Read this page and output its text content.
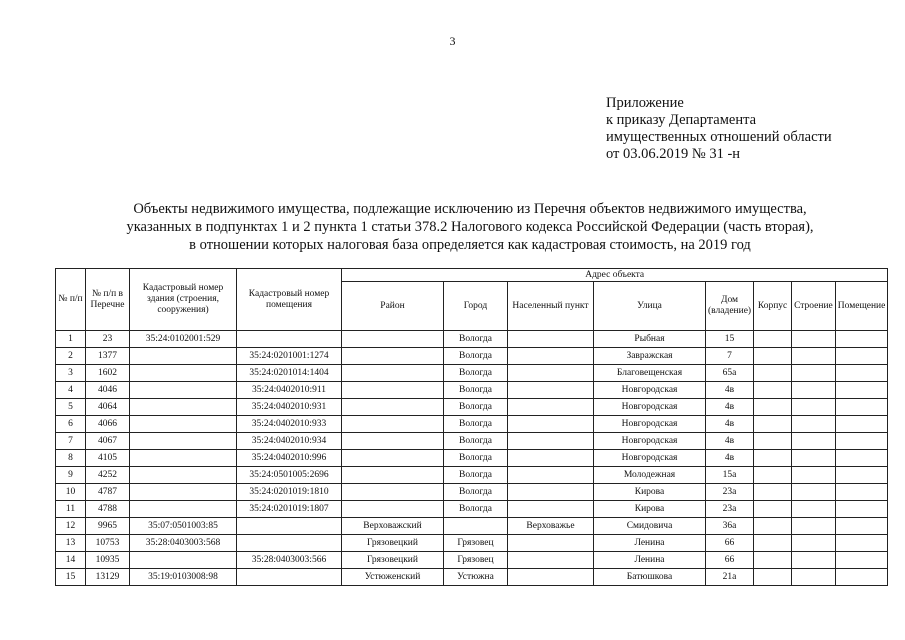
3
Приложение
к приказу Департамента
имущественных отношений области
от 03.06.2019 № 31 -н
Объекты недвижимого имущества, подлежащие исключению из Перечня объектов недвижимого имущества,
указанных в подпунктах 1 и 2 пункта 1 статьи 378.2 Налогового кодекса Российской Федерации (часть вторая),
в отношении которых налоговая база определяется как кадастровая стоимость, на 2019 год
№ п/п	№ п/п в Перечне	Кадастровый номер здания (строения, сооружения)	Кадастровый номер помещения	Адрес объекта							
				Район	Город	Населенный пункт	Улица	Дом (владение)	Корпус	Строение	Помещение
1	23	35:24:0102001:529			Вологда		Рыбная	15			
2	1377		35:24:0201001:1274		Вологда		Завражская	7			
3	1602		35:24:0201014:1404		Вологда		Благовещенская	65а			
4	4046		35:24:0402010:911		Вологда		Новгородская	4в			
5	4064		35:24:0402010:931		Вологда		Новгородская	4в			
6	4066		35:24:0402010:933		Вологда		Новгородская	4в			
7	4067		35:24:0402010:934		Вологда		Новгородская	4в			
8	4105		35:24:0402010:996		Вологда		Новгородская	4в			
9	4252		35:24:0501005:2696		Вологда		Молодежная	15а			
10	4787		35:24:0201019:1810		Вологда		Кирова	23а			
11	4788		35:24:0201019:1807		Вологда		Кирова	23а			
12	9965	35:07:0501003:85		Верховажский		Верховажье	Смидовича	36а			
13	10753	35:28:0403003:568		Грязовецкий	Грязовец		Ленина	66			
14	10935		35:28:0403003:566	Грязовецкий	Грязовец		Ленина	66			
15	13129	35:19:0103008:98		Устюженский	Устюжна		Батюшкова	21а			
